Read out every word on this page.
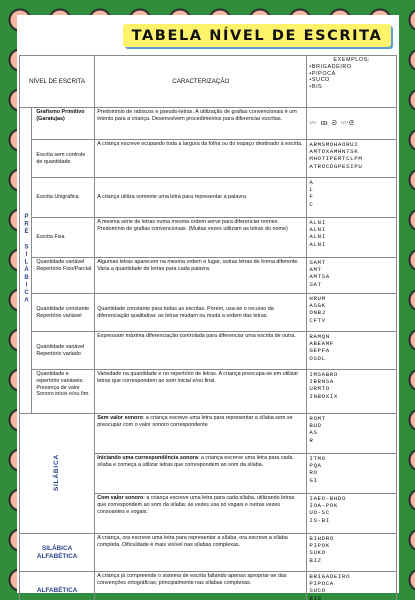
TABELA NÍVEL DE ESCRITA
NÍVEL DE ESCRITA		CARACTERIZAÇÃO	EXEMPLOS:
• BRIGADEIRO
• PIPOCA
• SUCO
• BIS

PRÉ SILÁBICA	Grafismo Primitivo (Garatujas)	Predomínio de rabiscos e pseudo-letras. A utilização de grafias convencionais é um intento para a criança. Desenvolvem procedimentos para diferenciar escritas.	〰 ꝏ ᘐ 〰ᘓ

	Escrita sem controle de quantidade	A criança escreve ocupando toda a largura da folha ou do espaço destinado à escrita.	ARMSMOHAORUI
AMTOXAMHNTSK
MHOTIPERTCLPM
ATROCDGPESIPU

	Escrita Unigráfica	A criança utiliza somente uma letra para representar a palavra.	A
L
F
C

	Escrita Fixa	A mesma série de letras numa mesma ordem serve para diferenciar nomes. Predomínio de grafias convencionais. (Muitas vezes utilizam as letras do nome)	ALNI
ALNI
ALNI
ALNI

	Quantidade variável Repertório Fixo/Parcial	Algumas letras aparecem na mesma ordem e lugar, outras letras de forma diferente. Varia a quantidade de letras para cada palavra.	SAMT
AMT
AMTSA
SAT

	Quantidade constante Repertório variável	Quantidade constante para todas as escritas. Porém, usa-se o recurso da diferenciação qualitativa: as letras mudam ou muda a ordem das letras.	HRUM
ASGK
ONBJ
CFTV

	Quantidade variável Repertório variado	Expressam máxima diferenciação controlada para diferenciar uma escrita de outra.	RAMQN
ABEAMF
GEPFA
OSDL

	Quantidade e repertório variáveis. Presença de valor Sonoro inicio e/ou fim.	Variedade na quantidade e no repertório de letras. A criança preocupa-se em utilizar letras que correspondem ao som inicial e/ou final.	IMSABRO
IBRNSA
URMTO
INBOXIX

SILÁBICA		Sem valor sonoro: a criança escreve uma letra para representar a sílaba sem se preocupar com o valor sonoro correspondente	ROMT
BUD
AS
R

		Iniciando uma correspondência sonora: a criança escreve uma letra para cada sílaba e começa a utilizar letras que correspondem ao som da sílaba.	ITMO
PQA
RO
GI

		Com valor sonoro: a criança escreve uma letra para cada sílaba, utilizando letras que correspondem ao som da sílaba; às vezes usa só vogais e outras vezes consoantes e vogais.	IAEO-BHDO
IOA-POK
UO-SC
IS-BI

SILÁBICA ALFABÉTICA		A criança, ora escreve uma letra para representar a sílaba, ora escreve a sílaba completa. Dificuldade é mais visível nas sílabas complexas.	BIHDRO
PIPOK
SUKO
BIZ

ALFABÉTICA		A criança já compreende o sistema de escrita faltando apenas apropriar-se das convenções ortográficas; principalmente nas sílabas complexas.	BRIGADEIRO
PIPOCA
SUCO
BIS
